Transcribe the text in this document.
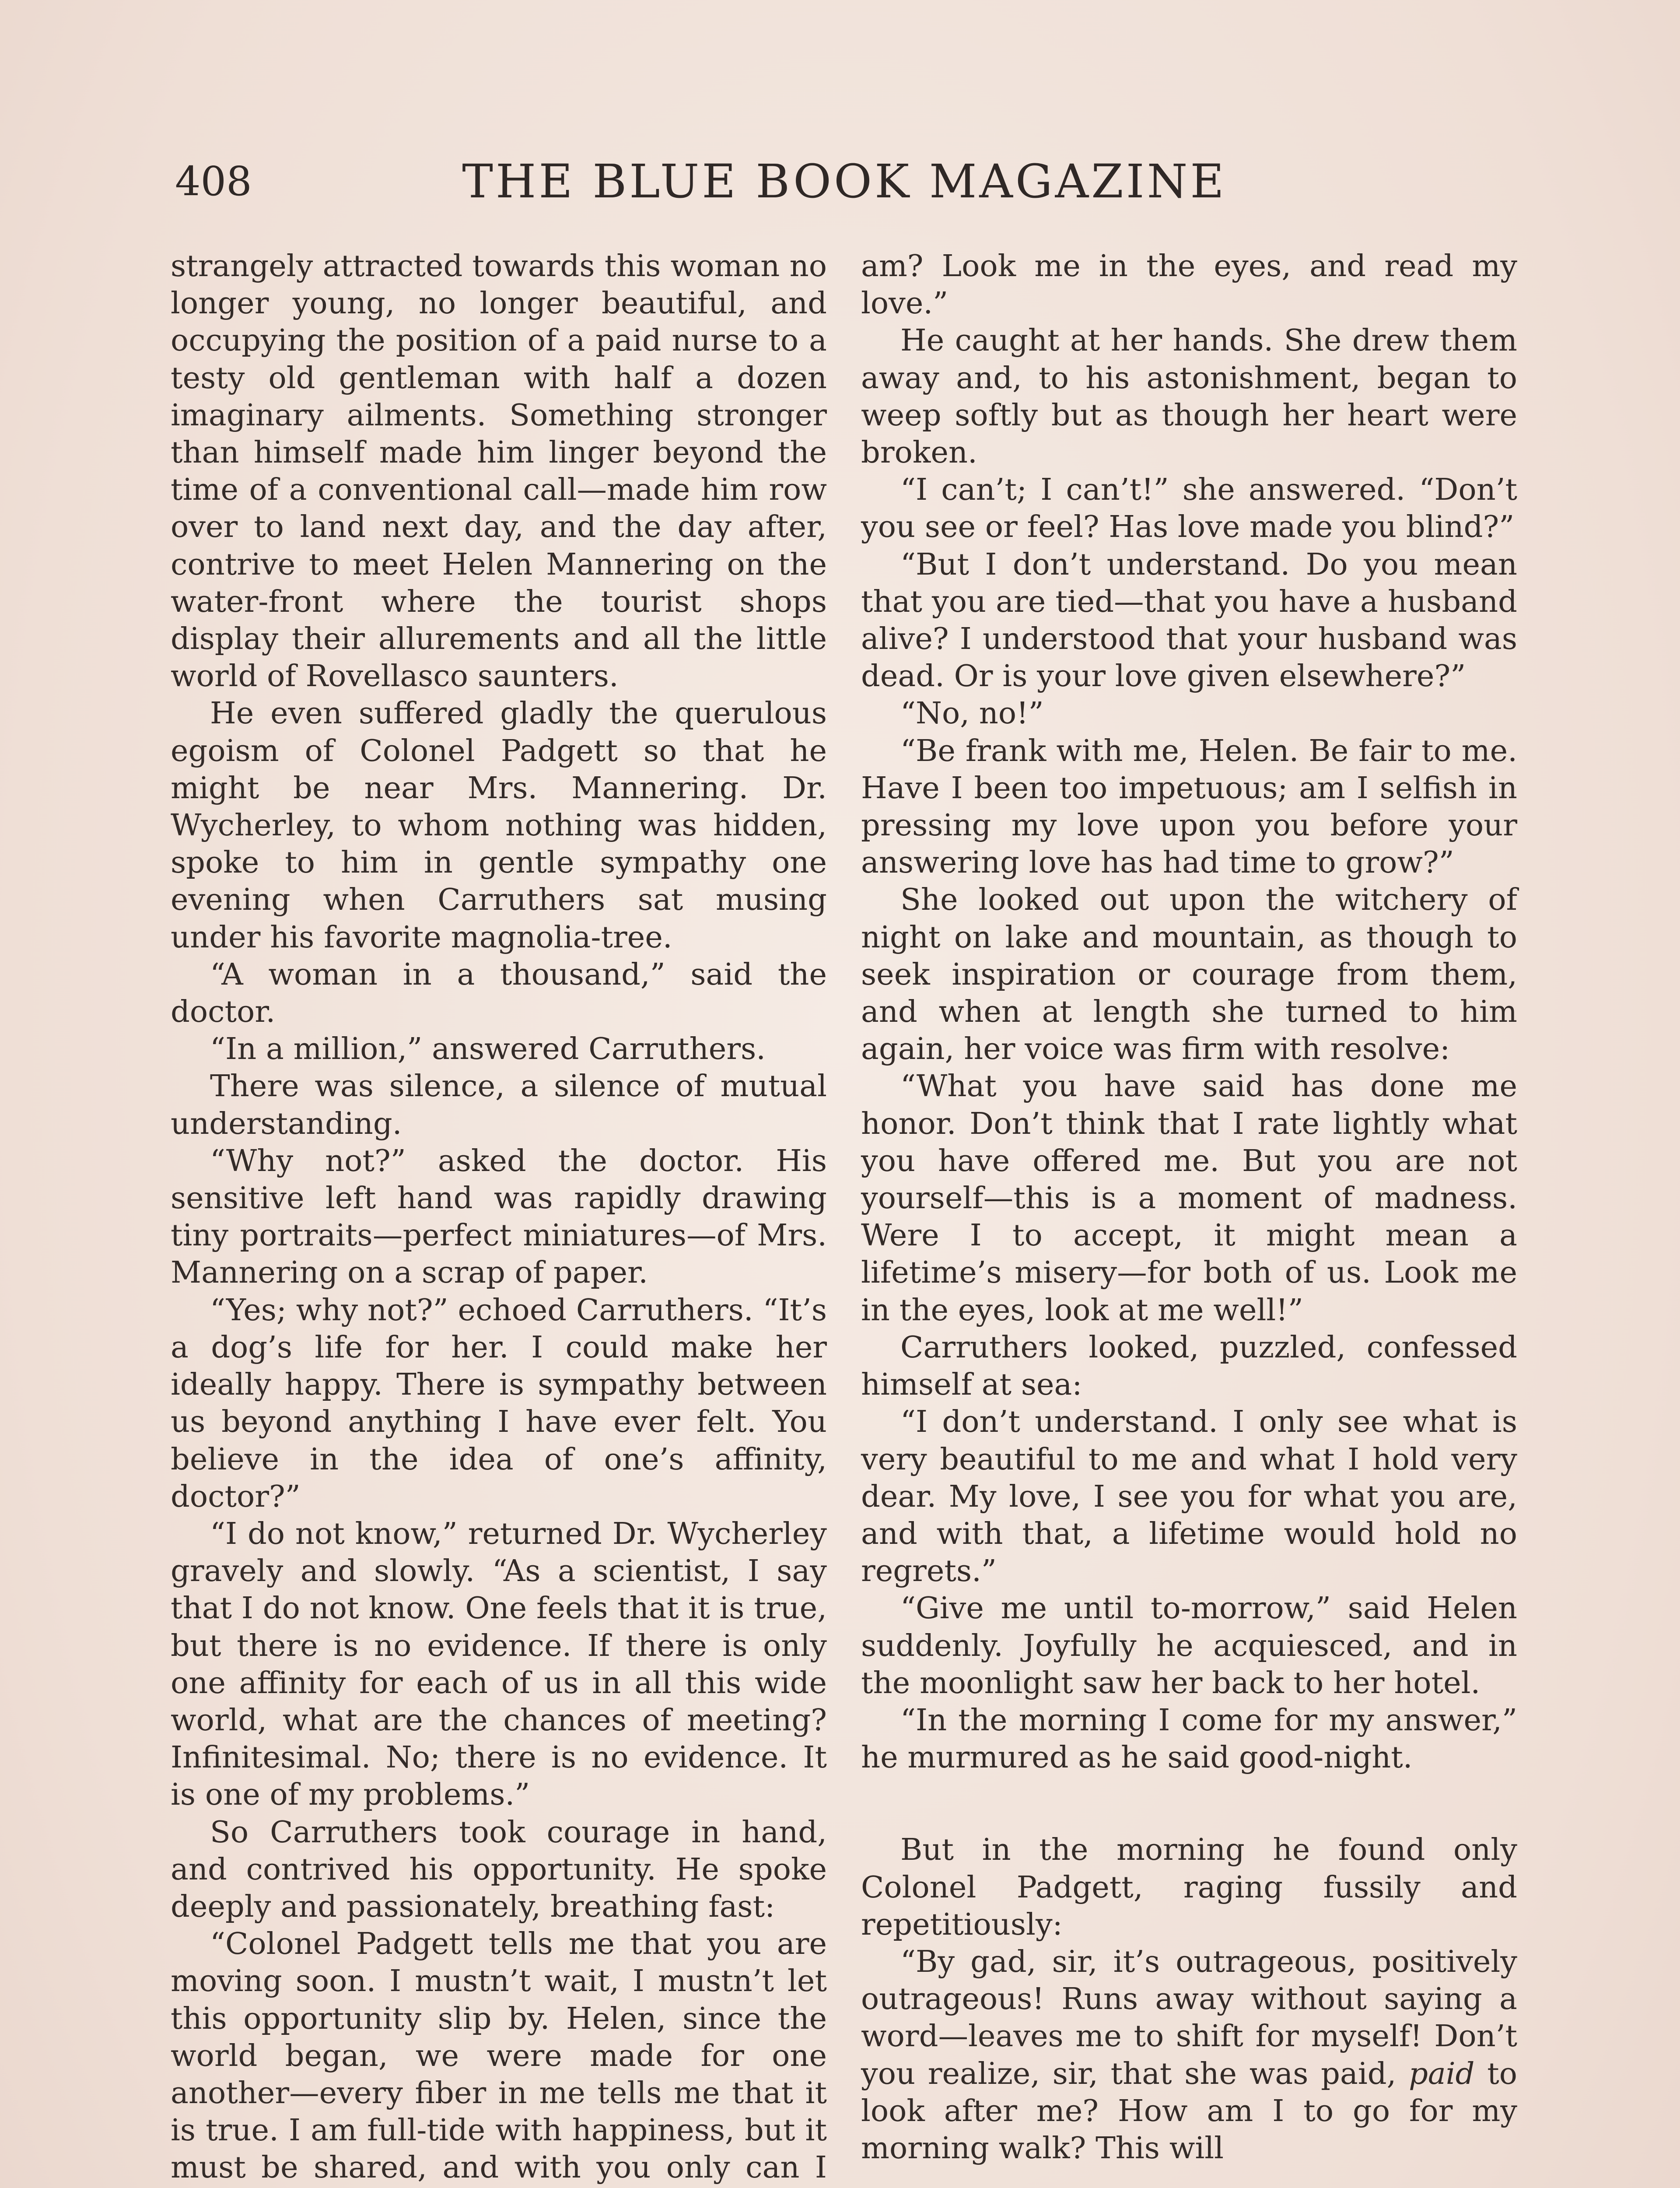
408	THE BLUE BOOK MAGAZINE

strangely attracted towards this woman no longer young, no longer beautiful, and occupying the position of a paid nurse to a testy old gentleman with half a dozen imaginary ailments. Something stronger than himself made him linger beyond the time of a conventional call—made him row over to land next day, and the day after, contrive to meet Helen Mannering on the water-front where the tourist shops display their allurements and all the little world of Rovellasco saunters.

He even suffered gladly the querulous egoism of Colonel Padgett so that he might be near Mrs. Mannering. Dr. Wycherley, to whom nothing was hidden, spoke to him in gentle sympathy one evening when Carruthers sat musing under his favorite magnolia-tree.

“A woman in a thousand,” said the doctor.

“In a million,” answered Carruthers.

There was silence, a silence of mutual understanding.

“Why not?” asked the doctor. His sensitive left hand was rapidly drawing tiny portraits—perfect miniatures—of Mrs. Mannering on a scrap of paper.

“Yes; why not?” echoed Carruthers. “It’s a dog’s life for her. I could make her ideally happy. There is sympathy between us beyond anything I have ever felt. You believe in the idea of one’s affinity, doctor?”

“I do not know,” returned Dr. Wycherley gravely and slowly. “As a scientist, I say that I do not know. One feels that it is true, but there is no evidence. If there is only one affinity for each of us in all this wide world, what are the chances of meeting? Infinitesimal. No; there is no evidence. It is one of my problems.”

So Carruthers took courage in hand, and contrived his opportunity. He spoke deeply and passionately, breathing fast:

“Colonel Padgett tells me that you are moving soon. I mustn’t wait, I mustn’t let this opportunity slip by. Helen, since the world began, we were made for one another—every fiber in me tells me that it is true. I am full-tide with happiness, but it must be shared, and with you only can I

am? Look me in the eyes, and read my love.”

He caught at her hands. She drew them away and, to his astonishment, began to weep softly but as though her heart were broken.

“I can’t; I can’t!” she answered. “Don’t you see or feel? Has love made you blind?”

“But I don’t understand. Do you mean that you are tied—that you have a husband alive? I understood that your husband was dead. Or is your love given elsewhere?”

“No, no!”

“Be frank with me, Helen. Be fair to me. Have I been too impetuous; am I selfish in pressing my love upon you before your answering love has had time to grow?”

She looked out upon the witchery of night on lake and mountain, as though to seek inspiration or courage from them, and when at length she turned to him again, her voice was firm with resolve:

“What you have said has done me honor. Don’t think that I rate lightly what you have offered me. But you are not yourself—this is a moment of madness. Were I to accept, it might mean a lifetime’s misery—for both of us. Look me in the eyes, look at me well!”

Carruthers looked, puzzled, confessed himself at sea:

“I don’t understand. I only see what is very beautiful to me and what I hold very dear. My love, I see you for what you are, and with that, a lifetime would hold no regrets.”

“Give me until to-morrow,” said Helen suddenly. Joyfully he acquiesced, and in the moonlight saw her back to her hotel.

“In the morning I come for my answer,” he murmured as he said good-night.

But in the morning he found only Colonel Padgett, raging fussily and repetitiously:

“By gad, sir, it’s outrageous, positively outrageous! Runs away without saying a word—leaves me to shift for myself! Don’t you realize, sir, that she was paid, paid to look after me? How am I to go for my morning walk? This will
